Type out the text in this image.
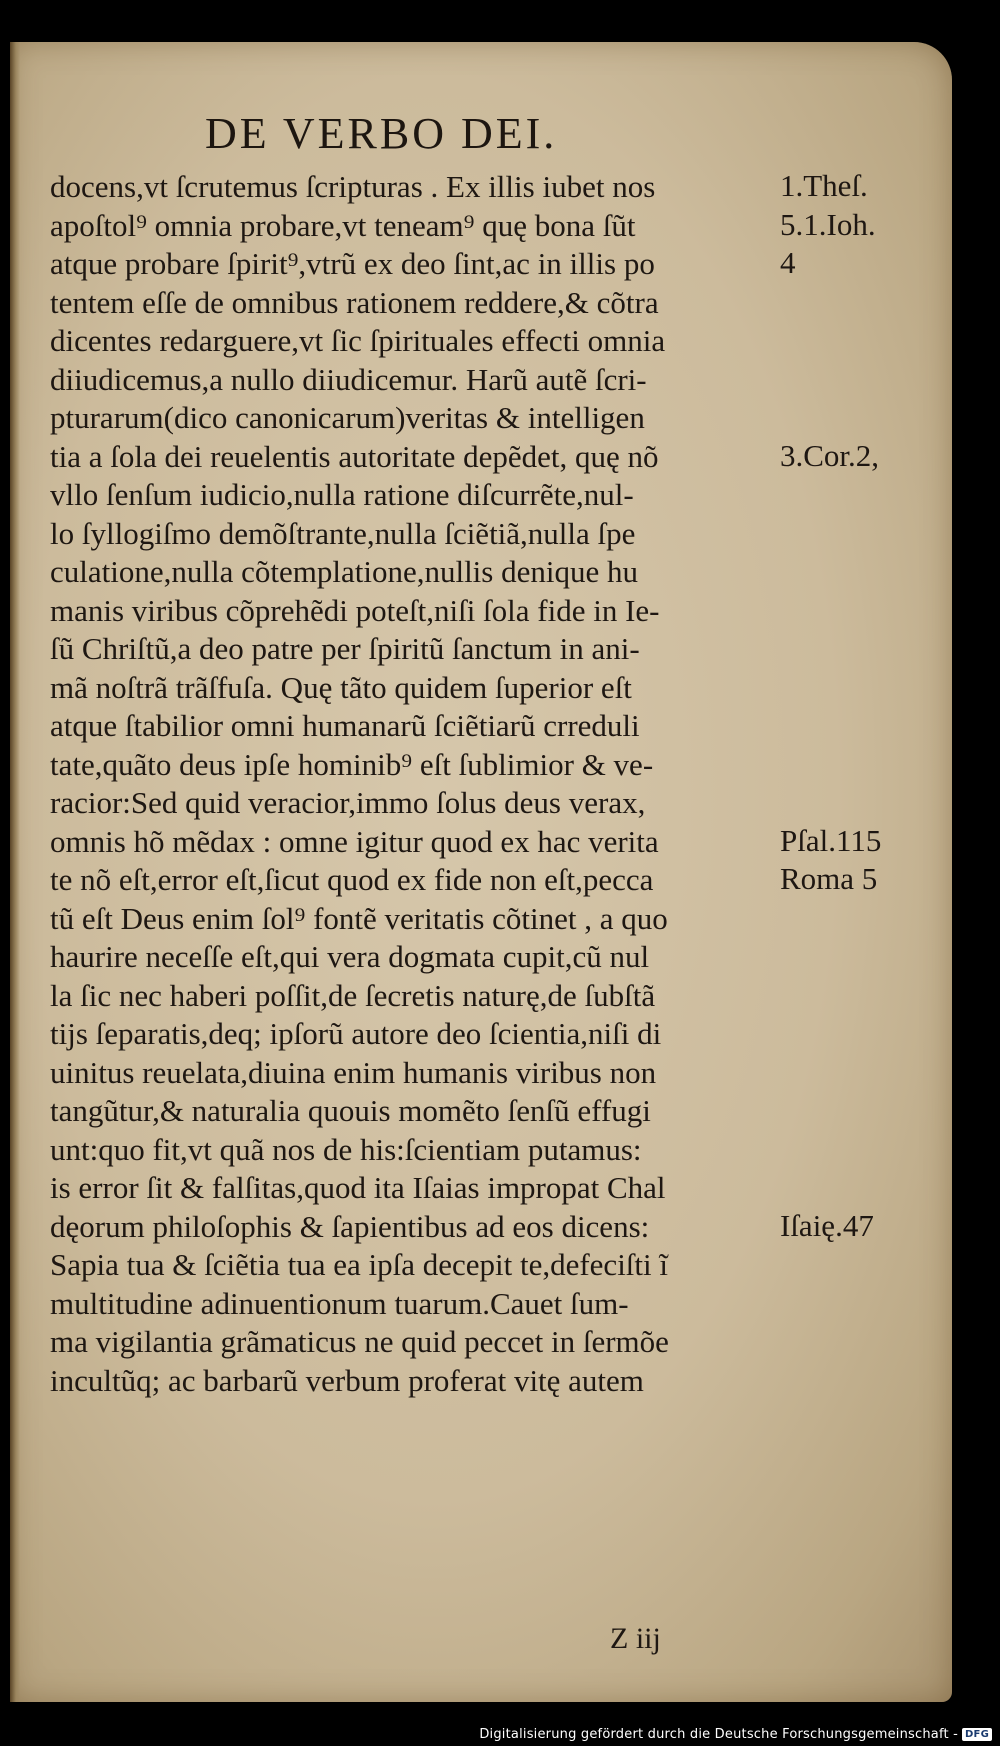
DE VERBO DEI.
docens,vt ſcrutemus ſcripturas . Ex illis iubet nos
apoſtol⁹ omnia probare,vt teneam⁹ quę bona ſũt
atque probare ſpirit⁹,vtrũ ex deo ſint,ac in illis po
tentem eſſe de omnibus rationem reddere,& cõtra
dicentes redarguere,vt ſic ſpirituales effecti omnia
diiudicemus,a nullo diiudicemur. Harũ autẽ ſcri-
pturarum(dico canonicarum)veritas & intelligen
tia a ſola dei reuelentis autoritate depẽdet, quę nõ
vllo ſenſum iudicio,nulla ratione diſcurrẽte,nul-
lo ſyllogiſmo demõſtrante,nulla ſciẽtiã,nulla ſpe
culatione,nulla cõtemplatione,nullis denique hu
manis viribus cõprehẽdi poteſt,niſi ſola fide in Ie-
ſũ Chriſtũ,a deo patre per ſpiritũ ſanctum in ani-
mã noſtrã trãſfuſa. Quę tãto quidem ſuperior eſt
atque ſtabilior omni humanarũ ſciẽtiarũ crreduli
tate,quãto deus ipſe hominib⁹ eſt ſublimior & ve-
racior:Sed quid veracior,immo ſolus deus verax,
omnis hõ mẽdax : omne igitur quod ex hac verita
te nõ eſt,error eſt,ſicut quod ex fide non eſt,pecca
tũ eſt Deus enim ſol⁹ fontẽ veritatis cõtinet , a quo
haurire neceſſe eſt,qui vera dogmata cupit,cũ nul
la ſic nec haberi poſſit,de ſecretis naturę,de ſubſtã
tijs ſeparatis,deq; ipſorũ autore deo ſcientia,niſi di
uinitus reuelata,diuina enim humanis viribus non
tangũtur,& naturalia quouis momẽto ſenſũ effugi
unt:quo fit,vt quã nos de his:ſcientiam putamus:
is error ſit & falſitas,quod ita Iſaias impropat Chal
dęorum philoſophis & ſapientibus ad eos dicens:
Sapia tua & ſciẽtia tua ea ipſa decepit te,defeciſti ĩ
multitudine adinuentionum tuarum.Cauet ſum-
ma vigilantia grãmaticus ne quid peccet in ſermõe
incultũq; ac barbarũ verbum proferat vitę autem
1.Theſ.
5.1.Ioh.
4
3.Cor.2,
Pſal.115
Roma 5
Iſaię.47
Z iij
Digitalisierung gefördert durch die Deutsche Forschungsgemeinschaft - DFG
